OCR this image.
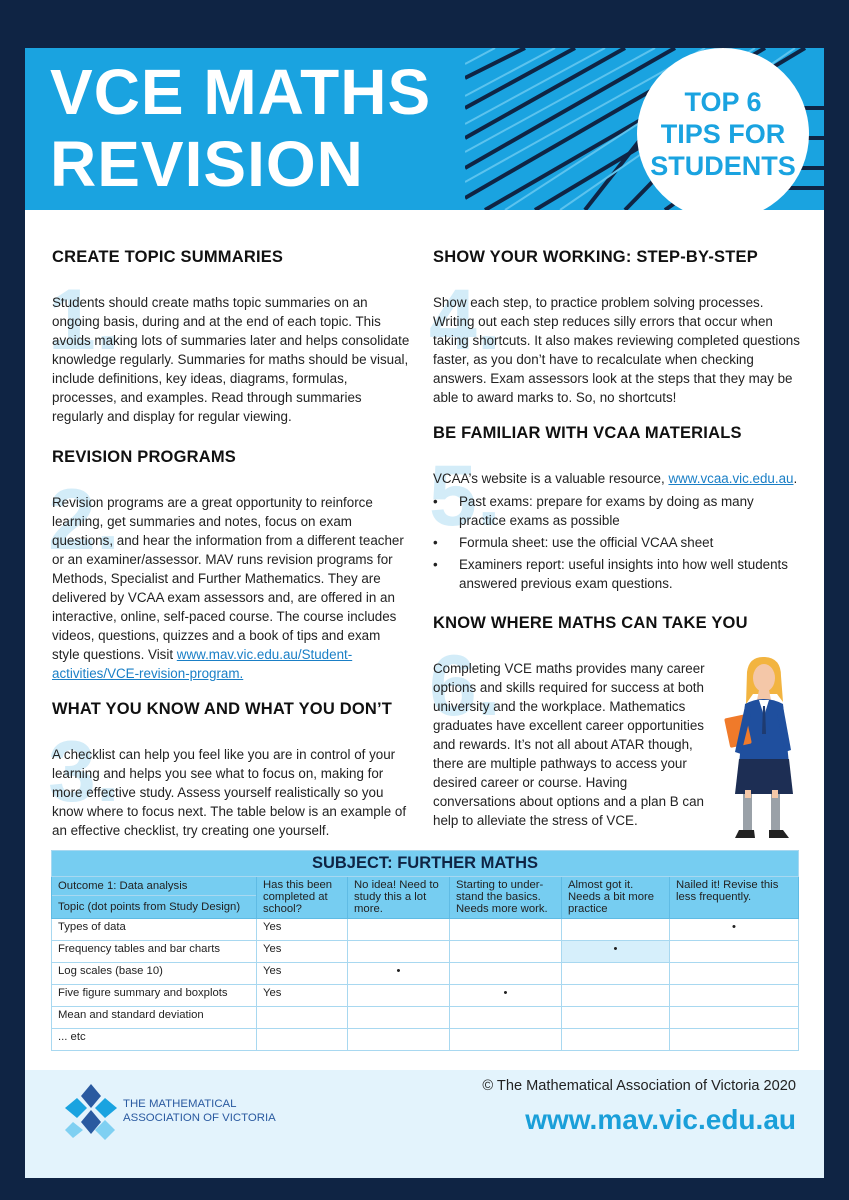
VCE MATHS
REVISION
TOP 6
TIPS FOR
STUDENTS
CREATE TOPIC SUMMARIES
1.
Students should create maths topic summaries on an ongoing basis, during and at the end of each topic. This avoids making lots of summaries later and helps consolidate knowledge regularly. Summaries for maths should be visual, include definitions, key ideas, diagrams, formulas, processes, and examples. Read through summaries regularly and display for regular viewing.
REVISION PROGRAMS
2.
Revision programs are a great opportunity to reinforce learning, get summaries and notes, focus on exam questions, and hear the information from a different teacher or an examiner/assessor. MAV runs revision programs for Methods, Specialist and Further Mathematics. They are delivered by VCAA exam assessors and, are offered in an interactive, online, self-paced course. The course includes videos, questions, quizzes and a book of tips and exam style questions. Visit www.mav.vic.edu.au/Student-activities/VCE-revision-program.
WHAT YOU KNOW AND WHAT YOU DON’T
3.
A checklist can help you feel like you are in control of your learning and helps you see what to focus on, making for more effective study. Assess yourself realistically so you know where to focus next. The table below is an example of an effective checklist, try creating one yourself.
SHOW YOUR WORKING: STEP-BY-STEP
4.
Show each step, to practice problem solving processes. Writing out each step reduces silly errors that occur when taking shortcuts. It also makes reviewing completed questions faster, as you don’t have to recalculate when checking answers. Exam assessors look at the steps that they may be able to award marks to. So, no shortcuts!
BE FAMILIAR WITH VCAA MATERIALS
5.
VCAA’s website is a valuable resource, www.vcaa.vic.edu.au.
• Past exams: prepare for exams by doing as many practice exams as possible
• Formula sheet: use the official VCAA sheet
• Examiners report: useful insights into how well students answered previous exam questions.
KNOW WHERE MATHS CAN TAKE YOU
6.
Completing VCE maths provides many career options and skills required for success at both university and the workplace. Mathematics graduates have excellent career opportunities and rewards. It’s not all about ATAR though, there are multiple pathways to access your desired career or course. Having conversations about options and a plan B can help to alleviate the stress of VCE.
SUBJECT: FURTHER MATHS					

Outcome 1: Data analysis
Topic (dot points from Study Design)	Has this been completed at school?	No idea! Need to study this a lot more.	Starting to under-stand the basics. Needs more work.	Almost got it. Needs a bit more practice	Nailed it! Revise this less frequently.
Types of data	Yes				•
Frequency tables and bar charts	Yes			•	
Log scales (base 10)	Yes	•			
Five figure summary and boxplots	Yes		•		
Mean and standard deviation					
... etc					
THE MATHEMATICAL
ASSOCIATION OF VICTORIA
© The Mathematical Association of Victoria 2020
www.mav.vic.edu.au
